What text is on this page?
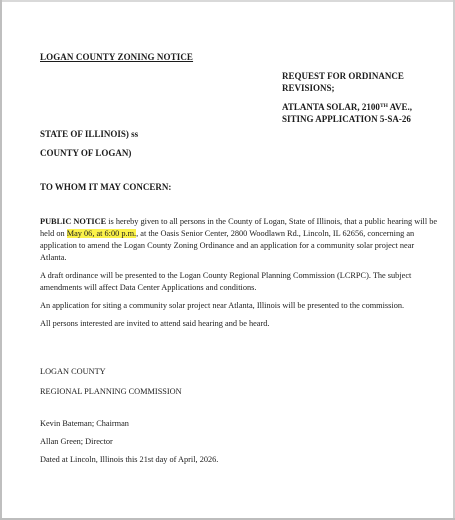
LOGAN COUNTY ZONING NOTICE
REQUEST FOR ORDINANCE
REVISIONS;
ATLANTA SOLAR, 2100TH AVE.,
SITING APPLICATION 5-SA-26
STATE OF ILLINOIS) ss
COUNTY OF LOGAN)
TO WHOM IT MAY CONCERN:

PUBLIC NOTICE is hereby given to all persons in the County of Logan, State of Illinois, that a public hearing will be held on May 06, at 6:00 p.m., at the Oasis Senior Center, 2800 Woodlawn Rd., Lincoln, IL 62656, concerning an application to amend the Logan County Zoning Ordinance and an application for a community solar project near Atlanta.

A draft ordinance will be presented to the Logan County Regional Planning Commission (LCRPC). The subject amendments will affect Data Center Applications and conditions.

An application for siting a community solar project near Atlanta, Illinois will be presented to the commission.

All persons interested are invited to attend said hearing and be heard.

LOGAN COUNTY
REGIONAL PLANNING COMMISSION
Kevin Bateman; Chairman
Allan Green; Director
Dated at Lincoln, Illinois this 21st day of April, 2026.
